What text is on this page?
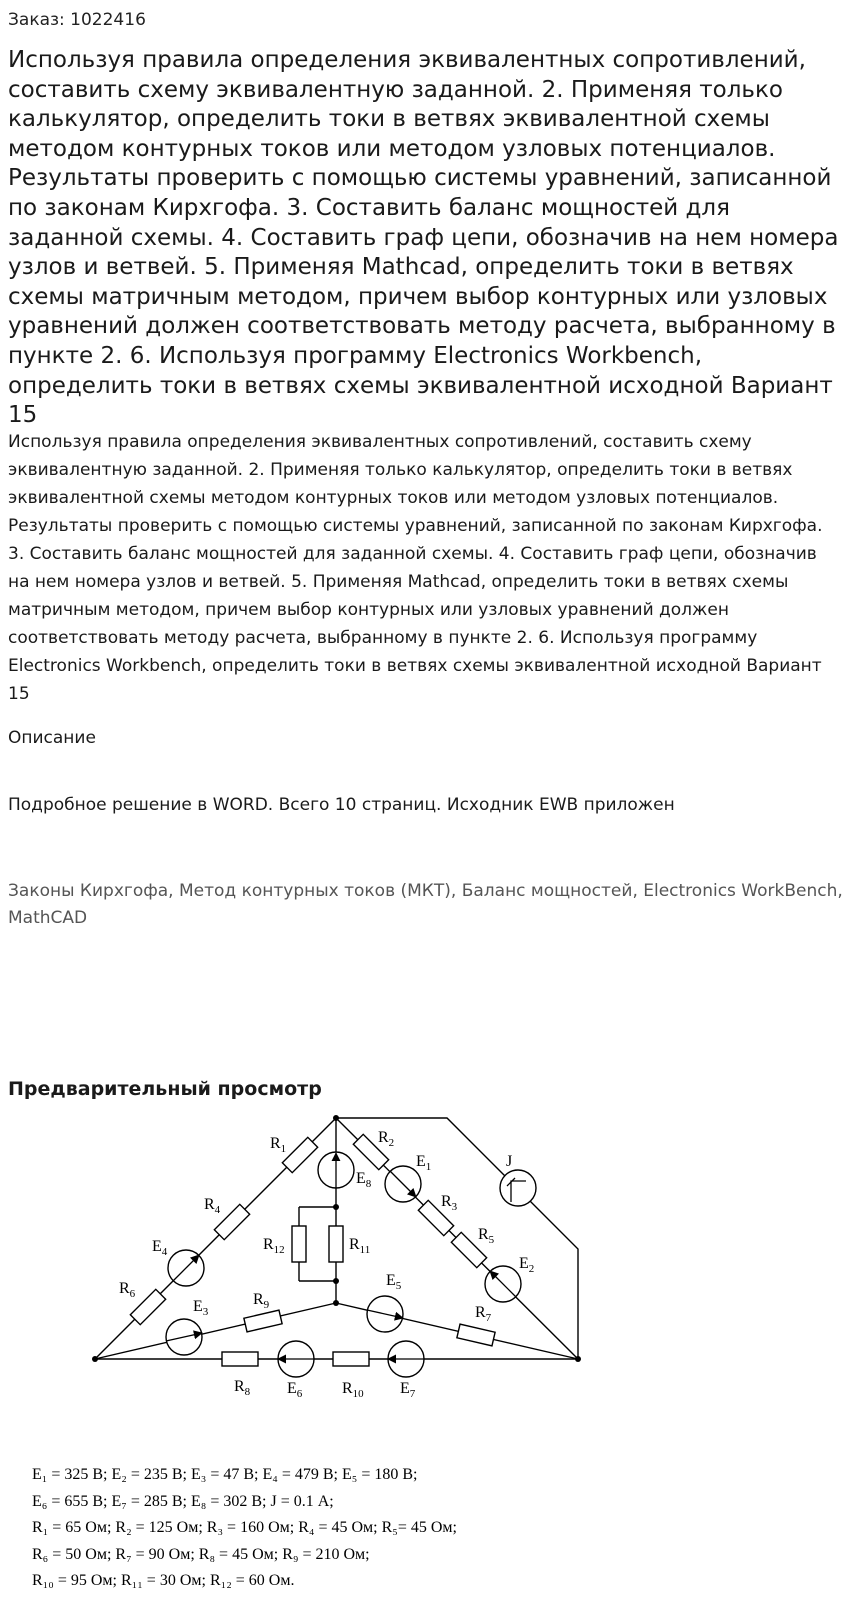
Заказ: 1022416
Используя правила определения эквивалентных сопротивлений, составить схему эквивалентную заданной. 2. Применяя только калькулятор, определить токи в ветвях эквивалентной схемы методом контурных токов или методом узловых потенциалов. Результаты проверить с помощью системы уравнений, записанной по законам Кирхгофа. 3. Составить баланс мощностей для заданной схемы. 4. Составить граф цепи, обозначив на нем номера узлов и ветвей. 5. Применяя Mathcad, определить токи в ветвях схемы матричным методом, причем выбор контурных или узловых уравнений должен соответствовать методу расчета, выбранному в пункте 2. 6. Используя программу Electronics Workbench, определить токи в ветвях схемы эквивалентной исходной Вариант 15
Используя правила определения эквивалентных сопротивлений, составить схему эквивалентную заданной. 2. Применяя только калькулятор, определить токи в ветвях эквивалентной схемы методом контурных токов или методом узловых потенциалов. Результаты проверить с помощью системы уравнений, записанной по законам Кирхгофа. 3. Составить баланс мощностей для заданной схемы. 4. Составить граф цепи, обозначив на нем номера узлов и ветвей. 5. Применяя Mathcad, определить токи в ветвях схемы матричным методом, причем выбор контурных или узловых уравнений должен соответствовать методу расчета, выбранному в пункте 2. 6. Используя программу Electronics Workbench, определить токи в ветвях схемы эквивалентной исходной Вариант 15
Описание
Подробное решение в WORD. Всего 10 страниц. Исходник EWB приложен
Законы Кирхгофа, Метод контурных токов (МКТ), Баланс мощностей, Electronics WorkBench, MathCAD
Предварительный просмотр
$R_1$
$R_2$
$E_1$
$E_8$
J
$R_4$	$R_3$
$R_5$
$E_4$	$R_{12}$	$R_{11}$
$E_2$
$R_6$
$E_5$
$R_9$
$E_3$	$R_7$
$R_8$ $E_6$ $R_{10}$ $E_7$
E₁ = 325 В; E₂ = 235 В; E₃ = 47 В; E₄ = 479 В; E₅ = 180 В;
E₆ = 655 В; E₇ = 285 В; E₈ = 302 В; J = 0.1 А;
R₁ = 65 Ом; R₂ = 125 Ом; R₃ = 160 Ом; R₄ = 45 Ом; R₅= 45 Ом;
R₆ = 50 Ом; R₇ = 90 Ом; R₈ = 45 Ом; R₉ = 210 Ом;
R₁₀ = 95 Ом; R₁₁ = 30 Ом; R₁₂ = 60 Ом.
